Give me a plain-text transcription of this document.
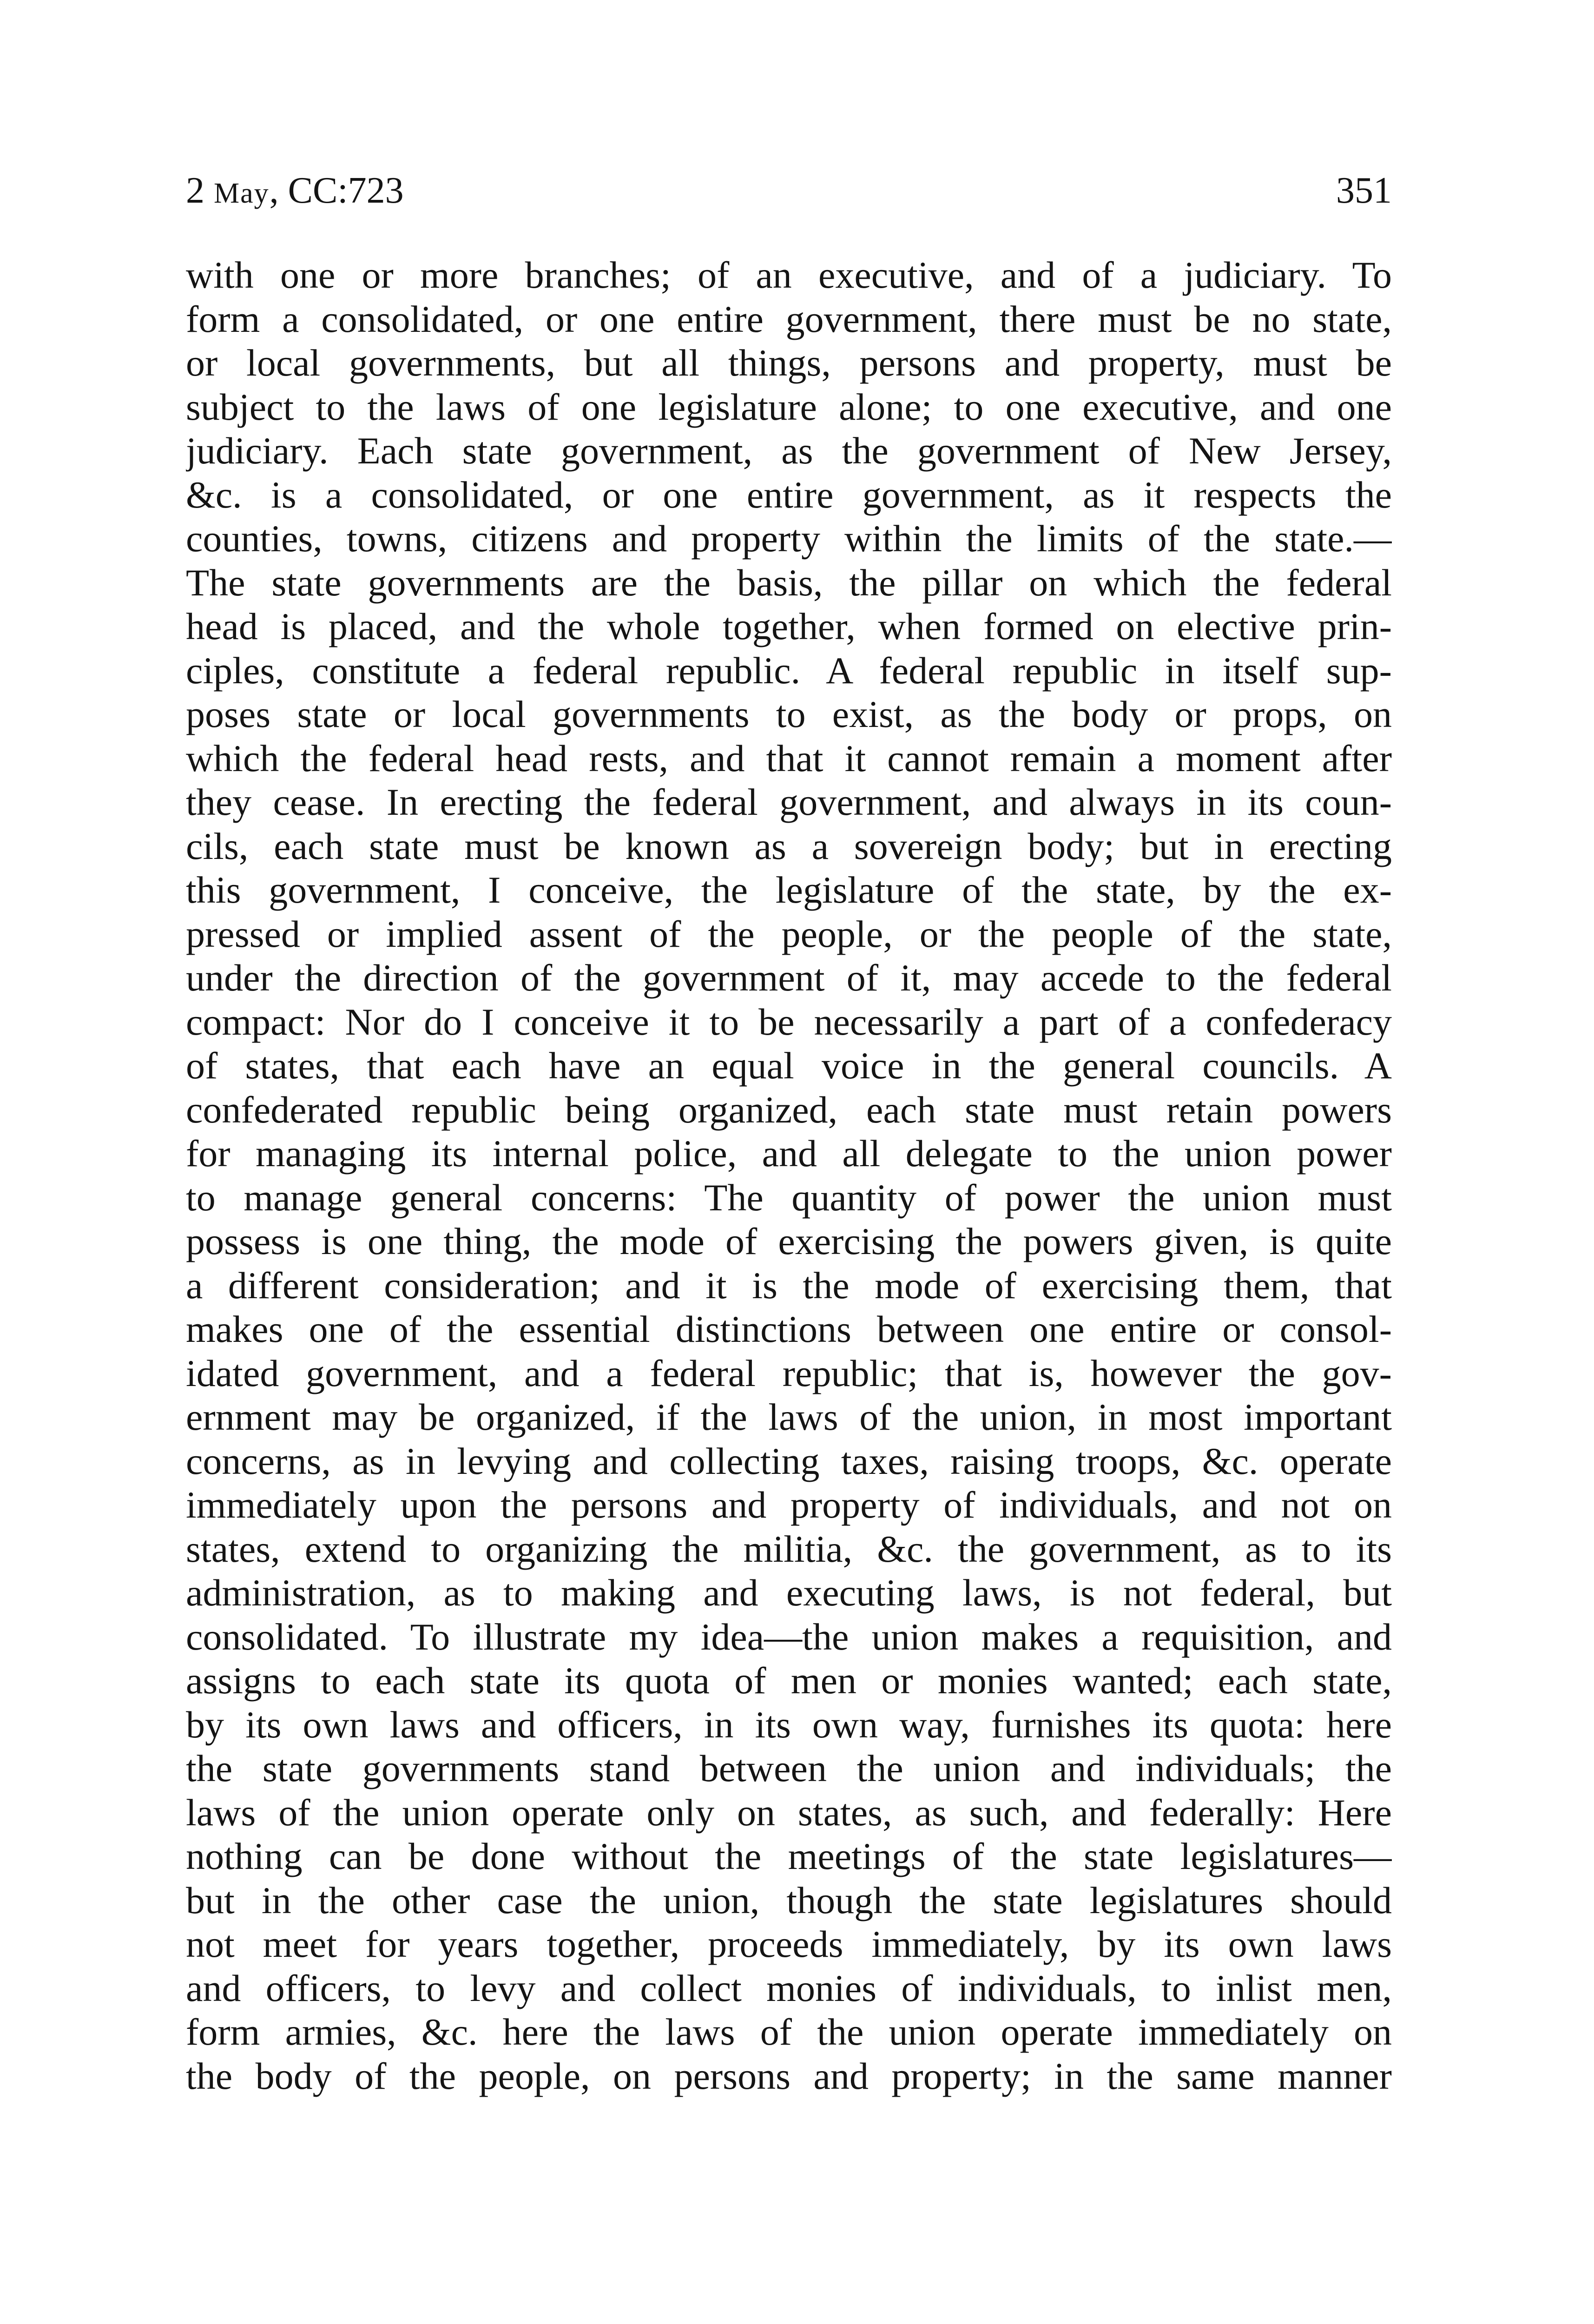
2 May, CC:723	351
with one or more branches; of an executive, and of a judiciary. To
form a consolidated, or one entire government, there must be no state,
or local governments, but all things, persons and property, must be
subject to the laws of one legislature alone; to one executive, and one
judiciary. Each state government, as the government of New Jersey,
&c. is a consolidated, or one entire government, as it respects the
counties, towns, citizens and property within the limits of the state.—
The state governments are the basis, the pillar on which the federal
head is placed, and the whole together, when formed on elective prin-
ciples, constitute a federal republic. A federal republic in itself sup-
poses state or local governments to exist, as the body or props, on
which the federal head rests, and that it cannot remain a moment after
they cease. In erecting the federal government, and always in its coun-
cils, each state must be known as a sovereign body; but in erecting
this government, I conceive, the legislature of the state, by the ex-
pressed or implied assent of the people, or the people of the state,
under the direction of the government of it, may accede to the federal
compact: Nor do I conceive it to be necessarily a part of a confederacy
of states, that each have an equal voice in the general councils. A
confederated republic being organized, each state must retain powers
for managing its internal police, and all delegate to the union power
to manage general concerns: The quantity of power the union must
possess is one thing, the mode of exercising the powers given, is quite
a different consideration; and it is the mode of exercising them, that
makes one of the essential distinctions between one entire or consol-
idated government, and a federal republic; that is, however the gov-
ernment may be organized, if the laws of the union, in most important
concerns, as in levying and collecting taxes, raising troops, &c. operate
immediately upon the persons and property of individuals, and not on
states, extend to organizing the militia, &c. the government, as to its
administration, as to making and executing laws, is not federal, but
consolidated. To illustrate my idea—the union makes a requisition, and
assigns to each state its quota of men or monies wanted; each state,
by its own laws and officers, in its own way, furnishes its quota: here
the state governments stand between the union and individuals; the
laws of the union operate only on states, as such, and federally: Here
nothing can be done without the meetings of the state legislatures—
but in the other case the union, though the state legislatures should
not meet for years together, proceeds immediately, by its own laws
and officers, to levy and collect monies of individuals, to inlist men,
form armies, &c. here the laws of the union operate immediately on
the body of the people, on persons and property; in the same manner
